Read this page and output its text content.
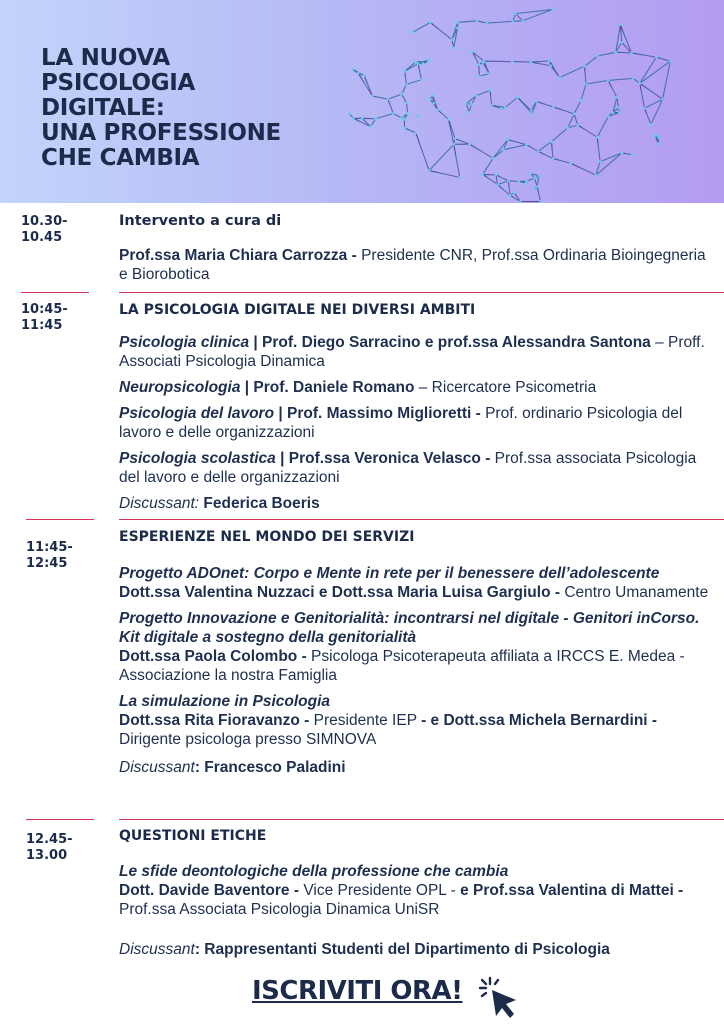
LA NUOVA
PSICOLOGIA
DIGITALE:
UNA PROFESSIONE
CHE CAMBIA
10.30-
10.45
Intervento a cura di
Prof.ssa Maria Chiara Carrozza - Presidente CNR, Prof.ssa Ordinaria Bioingegneria e Biorobotica
10:45-
11:45
LA PSICOLOGIA DIGITALE NEI DIVERSI AMBITI
Psicologia clinica | Prof. Diego Sarracino e prof.ssa Alessandra Santona – Proff. Associati Psicologia Dinamica
Neuropsicologia | Prof. Daniele Romano – Ricercatore Psicometria
Psicologia del lavoro | Prof. Massimo Miglioretti - Prof. ordinario Psicologia del lavoro e delle organizzazioni
Psicologia scolastica | Prof.ssa Veronica Velasco - Prof.ssa associata Psicologia del lavoro e delle organizzazioni
Discussant: Federica Boeris
11:45-
12:45
ESPERIENZE NEL MONDO DEI SERVIZI
Progetto ADOnet: Corpo e Mente in rete per il benessere dell’adolescente
Dott.ssa Valentina Nuzzaci e Dott.ssa Maria Luisa Gargiulo - Centro Umanamente
Progetto Innovazione e Genitorialità: incontrarsi nel digitale - Genitori inCorso. Kit digitale a sostegno della genitorialità
Dott.ssa Paola Colombo - Psicologa Psicoterapeuta affiliata a IRCCS E. Medea - Associazione la nostra Famiglia
La simulazione in Psicologia
Dott.ssa Rita Fioravanzo - Presidente IEP - e Dott.ssa Michela Bernardini - Dirigente psicologa presso SIMNOVA
Discussant: Francesco Paladini
12.45-
13.00
QUESTIONI ETICHE
Le sfide deontologiche della professione che cambia
Dott. Davide Baventore - Vice Presidente OPL - e Prof.ssa Valentina di Mattei - Prof.ssa Associata Psicologia Dinamica UniSR
Discussant: Rappresentanti Studenti del Dipartimento di Psicologia
ISCRIVITI ORA!
